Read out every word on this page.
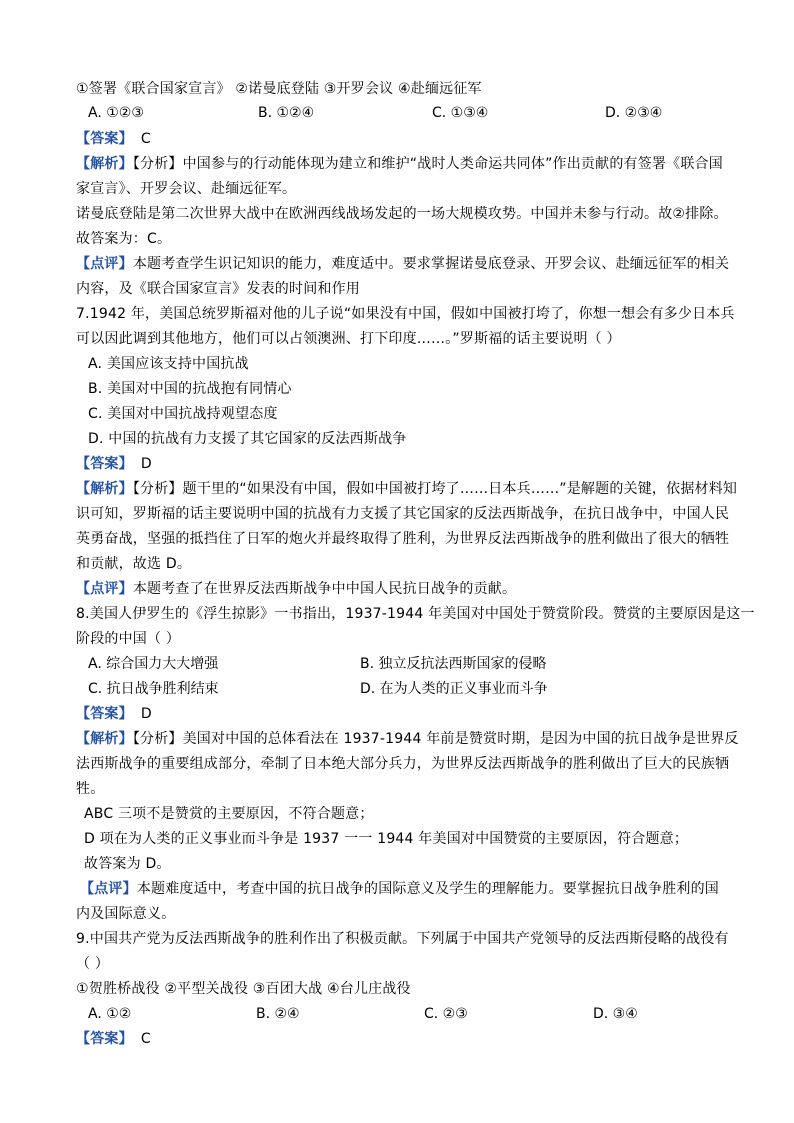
①签署《联合国家宣言》 ②诺曼底登陆 ③开罗会议 ④赴缅远征军
A. ①②③	B. ①②④	C. ①③④	D. ②③④
【答案】 C
【解析】【分析】中国参与的行动能体现为建立和维护“战时人类命运共同体”作出贡献的有签署《联合国
家宣言》、开罗会议、赴缅远征军。
诺曼底登陆是第二次世界大战中在欧洲西线战场发起的一场大规模攻势。中国并未参与行动。故②排除。
故答案为：C。
【点评】本题考查学生识记知识的能力，难度适中。要求掌握诺曼底登录、开罗会议、赴缅远征军的相关
内容，及《联合国家宣言》发表的时间和作用
7.1942 年，美国总统罗斯福对他的儿子说“如果没有中国，假如中国被打垮了，你想一想会有多少日本兵
可以因此调到其他地方，他们可以占领澳洲、打下印度……。”罗斯福的话主要说明（ ）
A. 美国应该支持中国抗战
B. 美国对中国的抗战抱有同情心
C. 美国对中国抗战持观望态度
D. 中国的抗战有力支援了其它国家的反法西斯战争
【答案】 D
【解析】【分析】题干里的“如果没有中国，假如中国被打垮了……日本兵……”是解题的关键，依据材料知
识可知，罗斯福的话主要说明中国的抗战有力支援了其它国家的反法西斯战争，在抗日战争中，中国人民
英勇奋战，坚强的抵挡住了日军的炮火并最终取得了胜利，为世界反法西斯战争的胜利做出了很大的牺牲
和贡献，故选 D。
【点评】本题考查了在世界反法西斯战争中中国人民抗日战争的贡献。
8.美国人伊罗生的《浮生掠影》一书指出，1937-1944 年美国对中国处于赞赏阶段。赞赏的主要原因是这一
阶段的中国（ ）
A. 综合国力大大增强	B. 独立反抗法西斯国家的侵略
C. 抗日战争胜利结束	D. 在为人类的正义事业而斗争
【答案】 D
【解析】【分析】美国对中国的总体看法在 1937-1944 年前是赞赏时期，是因为中国的抗日战争是世界反
法西斯战争的重要组成部分，牵制了日本绝大部分兵力，为世界反法西斯战争的胜利做出了巨大的民族牺
牲。
ABC 三项不是赞赏的主要原因，不符合题意；
D 项在为人类的正义事业而斗争是 1937 一一 1944 年美国对中国赞赏的主要原因，符合题意；
故答案为 D。
【点评】本题难度适中，考查中国的抗日战争的国际意义及学生的理解能力。要掌握抗日战争胜利的国
内及国际意义。
9.中国共产党为反法西斯战争的胜利作出了积极贡献。下列属于中国共产党领导的反法西斯侵略的战役有
（ ）
①贺胜桥战役 ②平型关战役 ③百团大战 ④台儿庄战役
A. ①②	B. ②④	C. ②③	D. ③④
【答案】 C
